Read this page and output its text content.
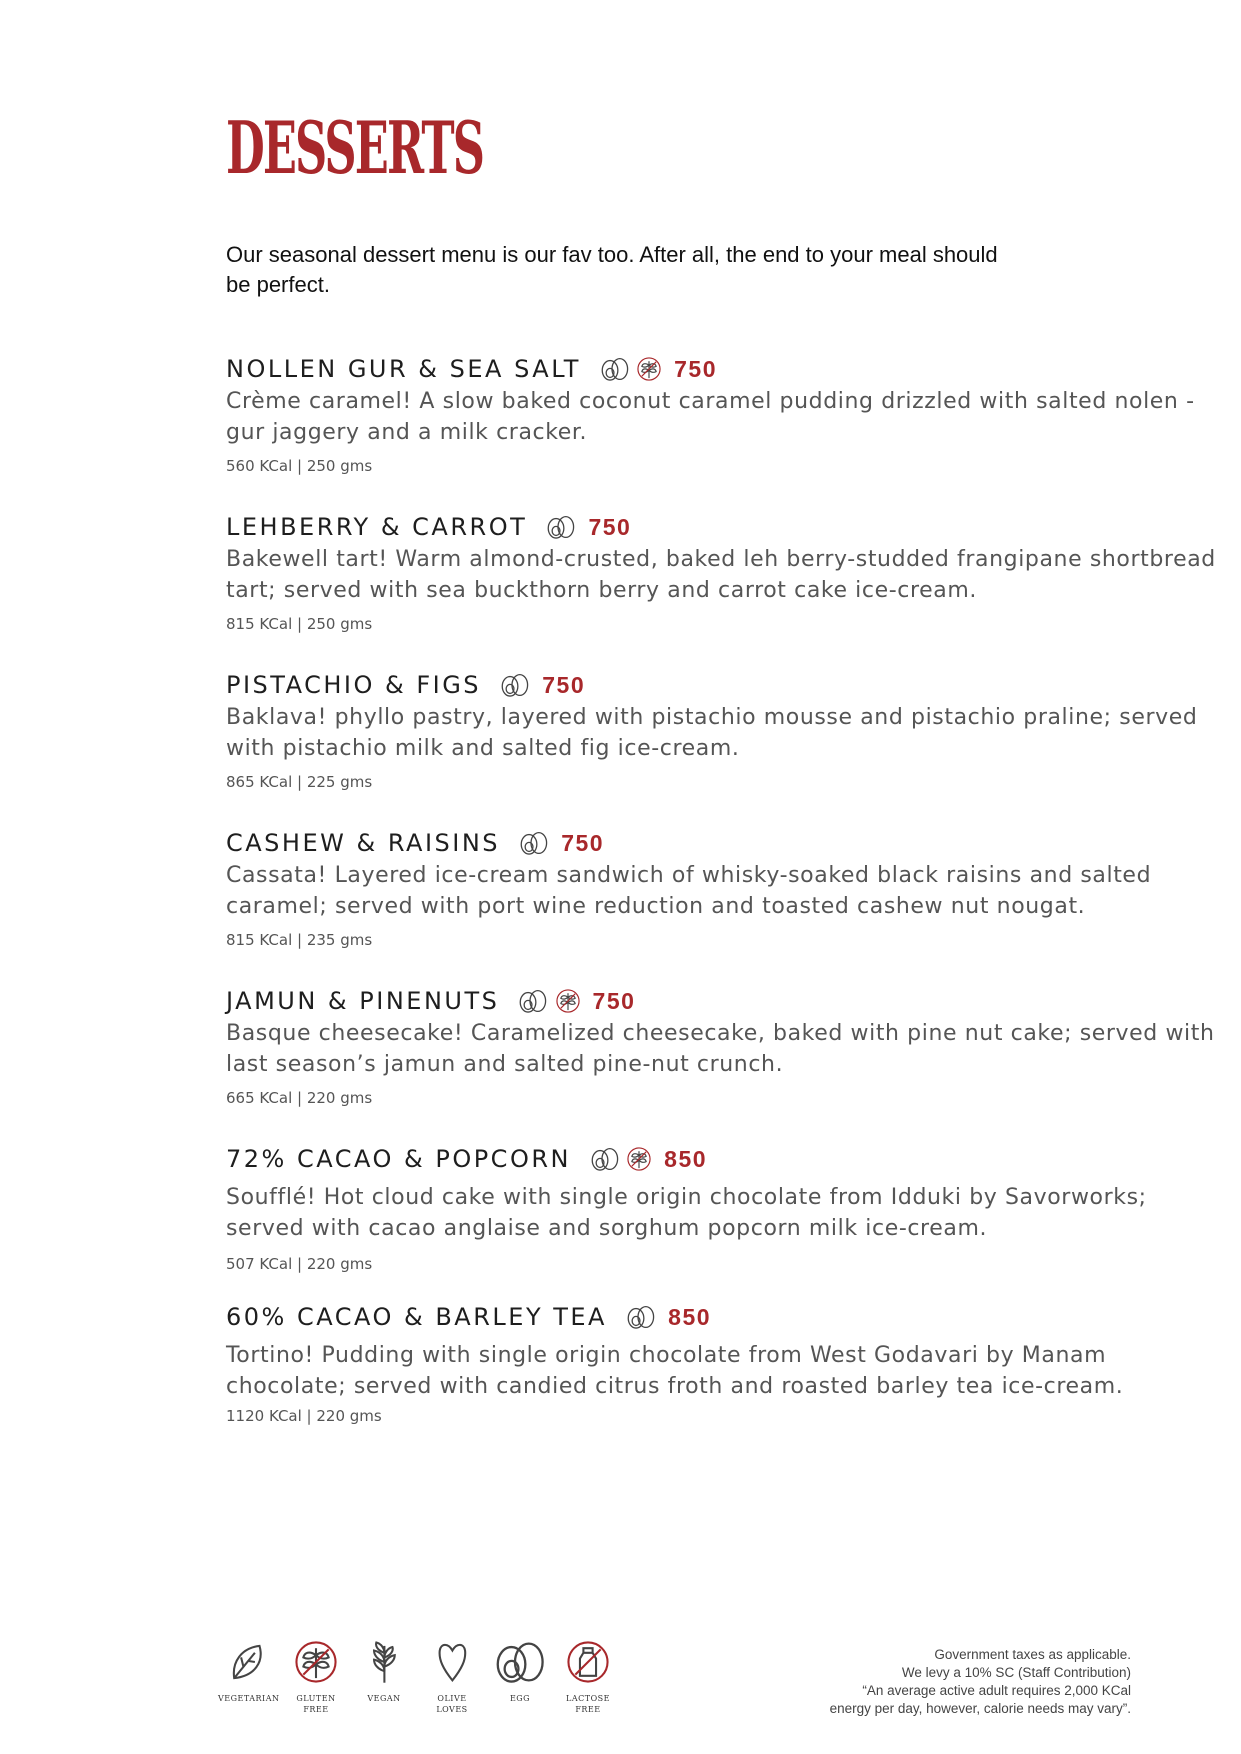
DESSERTS
Our seasonal dessert menu is our fav too. After all, the end to your meal should be perfect.
NOLLEN GUR & SEA SALT	750
Crème caramel! A slow baked coconut caramel pudding drizzled with salted nolen - gur jaggery and a milk cracker.
560 KCal | 250 gms
LEHBERRY & CARROT	750
Bakewell tart! Warm almond-crusted, baked leh berry-studded frangipane shortbread tart; served with sea buckthorn berry and carrot cake ice-cream.
815 KCal | 250 gms
PISTACHIO & FIGS	750
Baklava! phyllo pastry, layered with pistachio mousse and pistachio praline; served with pistachio milk and salted fig ice-cream.
865 KCal | 225 gms
CASHEW & RAISINS	750
Cassata! Layered ice-cream sandwich of whisky-soaked black raisins and salted caramel; served with port wine reduction and toasted cashew nut nougat.
815 KCal | 235 gms
JAMUN & PINENUTS	750
Basque cheesecake! Caramelized cheesecake, baked with pine nut cake; served with last season’s jamun and salted pine-nut crunch.
665 KCal | 220 gms
72% CACAO & POPCORN	850
Soufflé! Hot cloud cake with single origin chocolate from Idduki by Savorworks; served with cacao anglaise and sorghum popcorn milk ice-cream.
507 KCal | 220 gms
60% CACAO & BARLEY TEA	850
Tortino! Pudding with single origin chocolate from West Godavari by Manam chocolate; served with candied citrus froth and roasted barley tea ice-cream.
1120 KCal | 220 gms
VEGETARIAN	GLUTEN FREE
VEGAN	OLIVE LOVES
EGG	LACTOSE FREE
Government taxes as applicable.
We levy a 10% SC (Staff Contribution)
“An average active adult requires 2,000 KCal
energy per day, however, calorie needs may vary”.
